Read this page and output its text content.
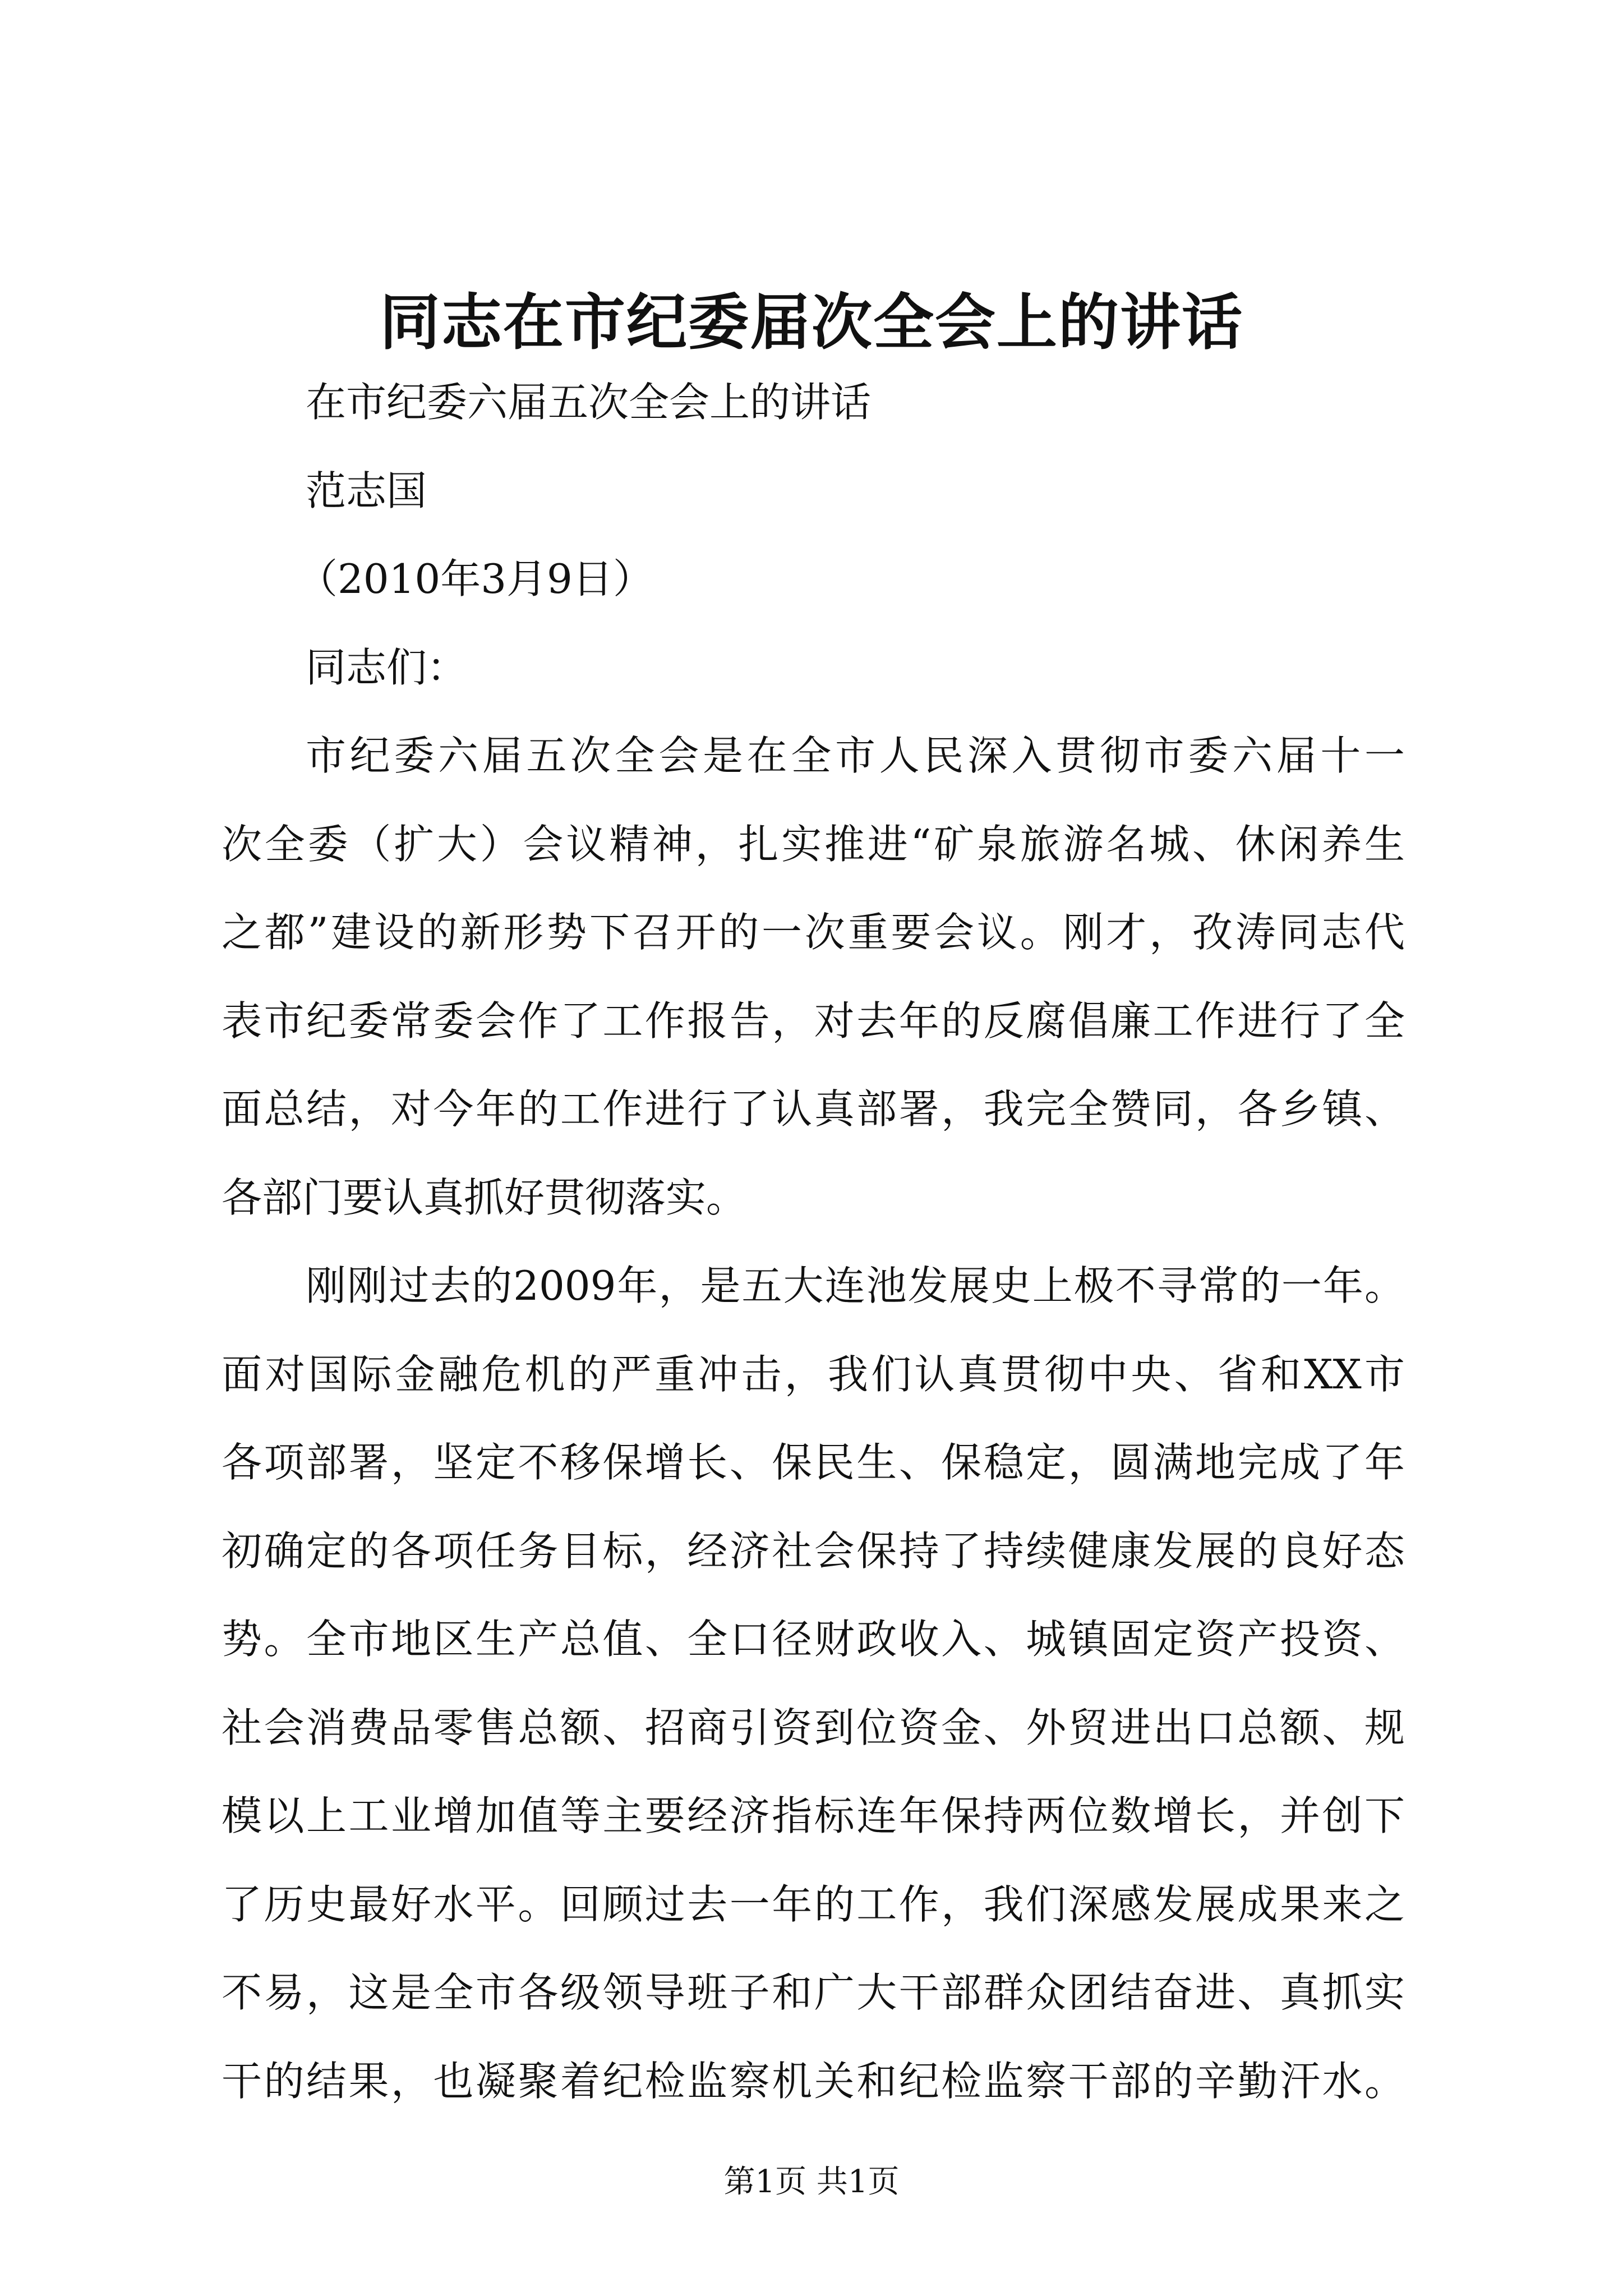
同志在市纪委届次全会上的讲话
在市纪委六届五次全会上的讲话
范志国
（2010年3月9日）
同志们：
市纪委六届五次全会是在全市人民深入贯彻市委六届十一
次全委（扩大）会议精神，扎实推进“矿泉旅游名城、休闲养生
之都”建设的新形势下召开的一次重要会议。刚才，孜涛同志代
表市纪委常委会作了工作报告，对去年的反腐倡廉工作进行了全
面总结，对今年的工作进行了认真部署，我完全赞同，各乡镇、
各部门要认真抓好贯彻落实。
刚刚过去的2009年，是五大连池发展史上极不寻常的一年。
面对国际金融危机的严重冲击，我们认真贯彻中央、省和XX市
各项部署，坚定不移保增长、保民生、保稳定，圆满地完成了年
初确定的各项任务目标，经济社会保持了持续健康发展的良好态
势。全市地区生产总值、全口径财政收入、城镇固定资产投资、
社会消费品零售总额、招商引资到位资金、外贸进出口总额、规
模以上工业增加值等主要经济指标连年保持两位数增长，并创下
了历史最好水平。回顾过去一年的工作，我们深感发展成果来之
不易，这是全市各级领导班子和广大干部群众团结奋进、真抓实
干的结果，也凝聚着纪检监察机关和纪检监察干部的辛勤汗水。
第1页 共1页
